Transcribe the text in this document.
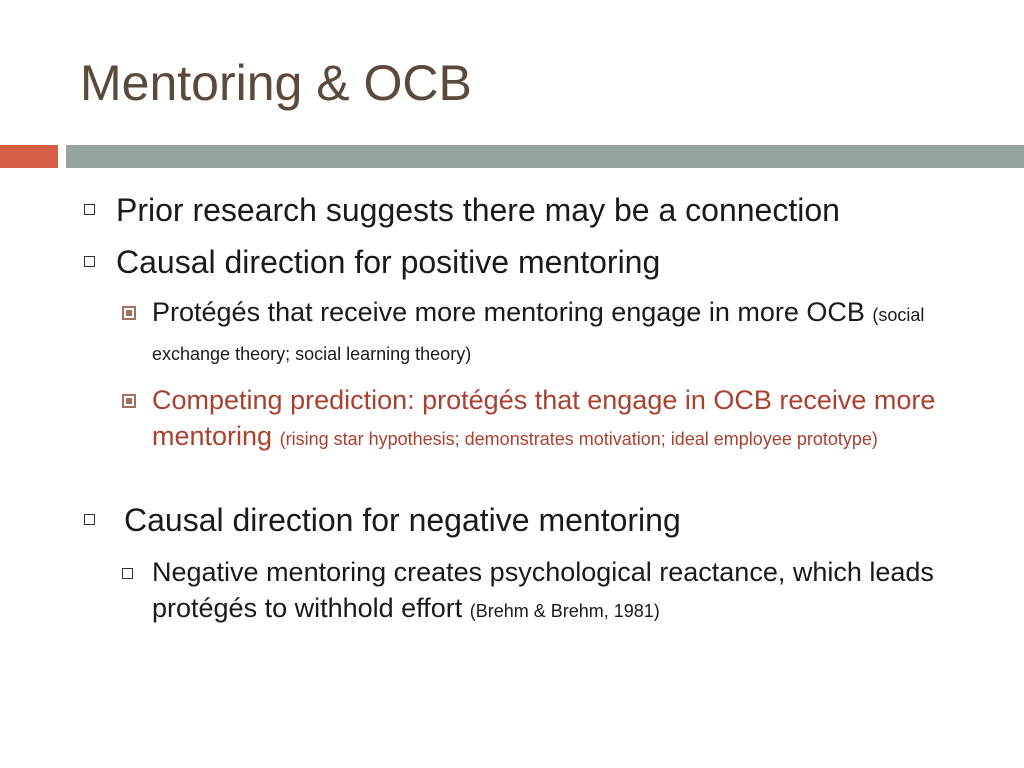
Mentoring & OCB
Prior research suggests there may be a connection
Causal direction for positive mentoring
Protégés that receive more mentoring engage in more OCB (social exchange theory; social learning theory)
Competing prediction: protégés that engage in OCB receive more mentoring (rising star hypothesis; demonstrates motivation; ideal employee prototype)
Causal direction for negative mentoring
Negative mentoring creates psychological reactance, which leads protégés to withhold effort (Brehm & Brehm, 1981)
